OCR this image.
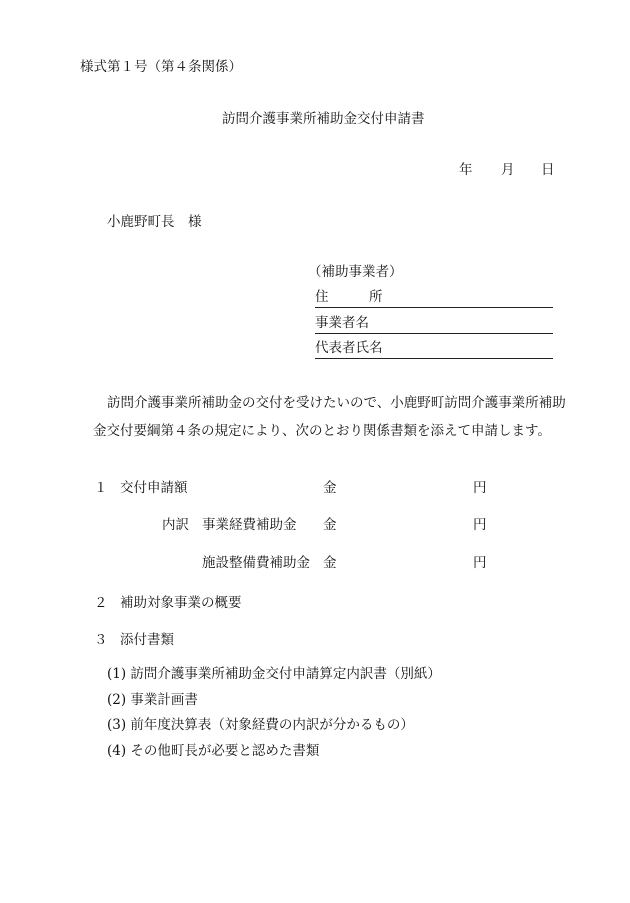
様式第１号（第４条関係）
訪問介護事業所補助金交付申請書
年 月 日
小鹿野町長　様
（補助事業者）
住　　　所
事業者名
代表者氏名
訪問介護事業所補助金の交付を受けたいので、小鹿野町訪問介護事業所補助
金交付要綱第４条の規定により、次のとおり関係書類を添えて申請します。
１ 交付申請額	金	円
内訳 事業経費補助金 金	円
施設整備費補助金 金	円
２ 補助対象事業の概要
３ 添付書類
(1) 訪問介護事業所補助金交付申請算定内訳書（別紙）
(2) 事業計画書
(3) 前年度決算表（対象経費の内訳が分かるもの）
(4) その他町長が必要と認めた書類
